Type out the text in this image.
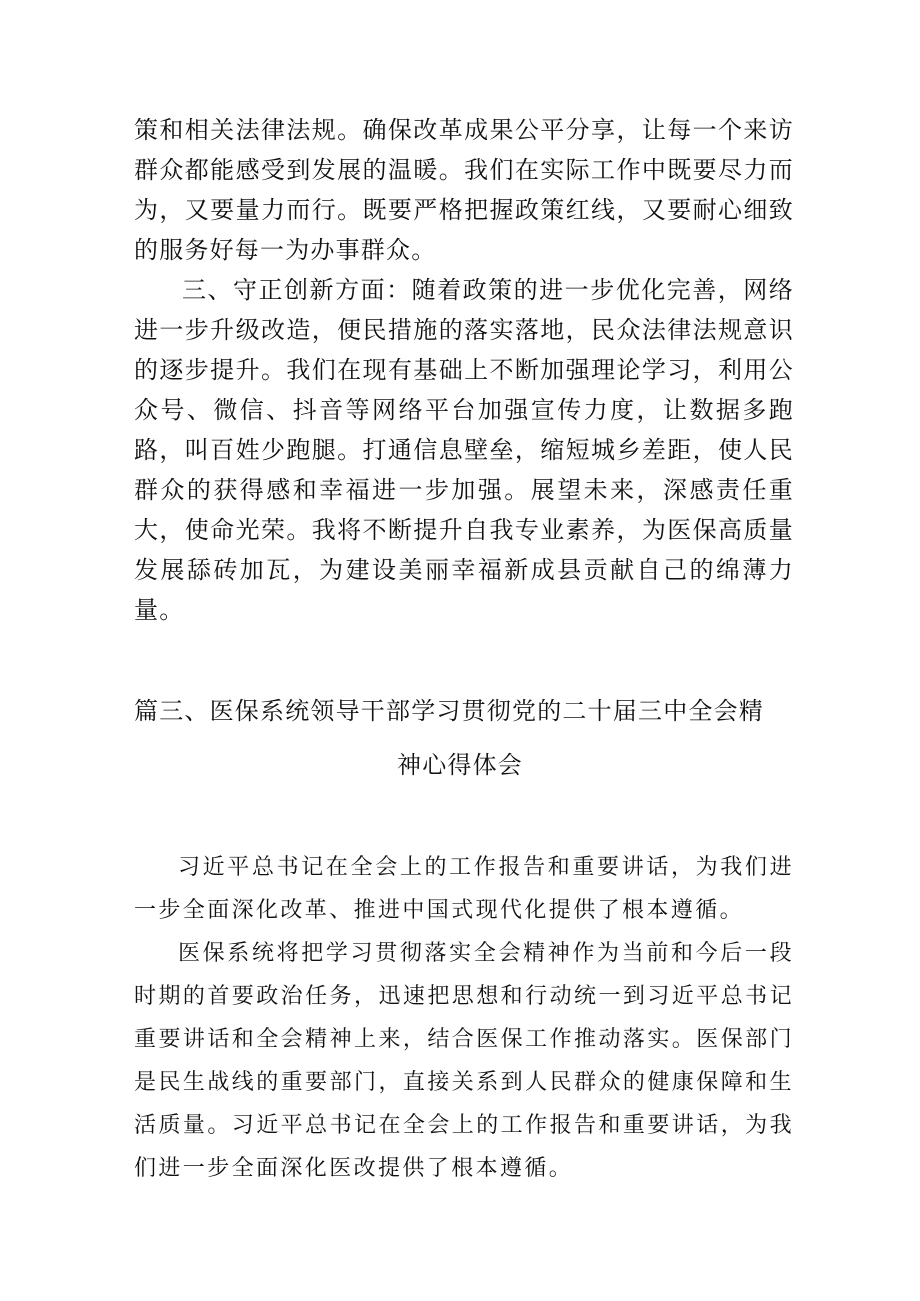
策和相关法律法规。确保改革成果公平分享，让每一个来访群众都能感受到发展的温暖。我们在实际工作中既要尽力而为，又要量力而行。既要严格把握政策红线，又要耐心细致的服务好每一为办事群众。

三、守正创新方面：随着政策的进一步优化完善，网络进一步升级改造，便民措施的落实落地，民众法律法规意识的逐步提升。我们在现有基础上不断加强理论学习，利用公众号、微信、抖音等网络平台加强宣传力度，让数据多跑路，叫百姓少跑腿。打通信息壁垒，缩短城乡差距，使人民群众的获得感和幸福进一步加强。展望未来，深感责任重大，使命光荣。我将不断提升自我专业素养，为医保高质量发展舔砖加瓦，为建设美丽幸福新成县贡献自己的绵薄力量。

篇三、医保系统领导干部学习贯彻党的二十届三中全会精
神心得体会

习近平总书记在全会上的工作报告和重要讲话，为我们进一步全面深化改革、推进中国式现代化提供了根本遵循。

医保系统将把学习贯彻落实全会精神作为当前和今后一段时期的首要政治任务，迅速把思想和行动统一到习近平总书记重要讲话和全会精神上来，结合医保工作推动落实。医保部门是民生战线的重要部门，直接关系到人民群众的健康保障和生活质量。习近平总书记在全会上的工作报告和重要讲话，为我们进一步全面深化医改提供了根本遵循。
